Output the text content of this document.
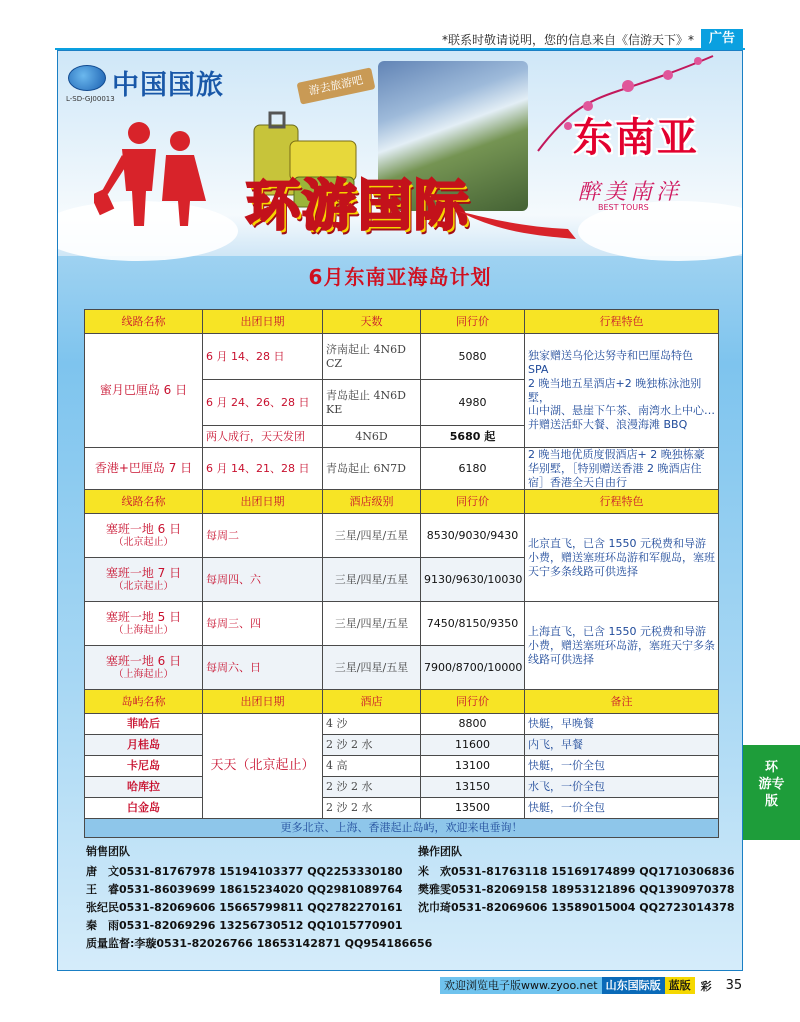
*联系时敬请说明，您的信息来自《信游天下》*	广告
中国国旅
L-SD-GJ00013
游去旅游吧
东南亚
环游国际	醉美南洋
BEST TOURS
6月东南亚海岛计划
线路名称	出团日期	天数	同行价	行程特色
蜜月巴厘岛 6 日	6 月 14、28 日	济南起止 4N6D CZ	5080	独家赠送乌伦达努寺和巴厘岛特色 SPA
2 晚当地五星酒店+2 晚独栋泳池别墅，
山中湖、悬崖下午茶、南湾水上中心…
并赠送活虾大餐、浪漫海滩 BBQ
	6 月 24、26、28 日	青岛起止 4N6D KE	4980	
	两人成行，天天发团	4N6D	5680 起	
香港+巴厘岛 7 日	6 月 14、21、28 日	青岛起止 6N7D	6180	2 晚当地优质度假酒店+ 2 晚独栋豪华别墅，［特别赠送香港 2 晚酒店住宿］香港全天自由行
线路名称	出团日期	酒店级别	同行价	行程特色

塞班一地 6 日
（北京起止）	每周二	三星/四星/五星	8530/9030/9430	北京直飞，已含 1550 元税费和导游小费，赠送塞班环岛游和军舰岛，塞班天宁多条线路可供选择

塞班一地 7 日
（北京起止）	每周四、六	三星/四星/五星	9130/9630/10030	

塞班一地 5 日
（上海起止）	每周三、四	三星/四星/五星	7450/8150/9350	上海直飞，已含 1550 元税费和导游小费，赠送塞班环岛游，塞班天宁多条线路可供选择

塞班一地 6 日
（上海起止）	每周六、日	三星/四星/五星	7900/8700/10000	
岛屿名称	出团日期	酒店	同行价	备注
菲哈后	天天（北京起止）	4 沙	8800	快艇，早晚餐
月桂岛		2 沙 2 水	11600	内飞，早餐
卡尼岛		4 高	13100	快艇，一价全包
哈库拉		2 沙 2 水	13150	水飞，一价全包
白金岛		2 沙 2 水	13500	快艇，一价全包
更多北京、上海、香港起止岛屿，欢迎来电垂询！				
销售团队
唐　文0531-81767978 15194103377 QQ2253330180
王　睿0531-86039699 18615234020 QQ2981089764
张纪民0531-82069606 15665799811 QQ2782270161
秦　雨0531-82069296 13256730512 QQ1015770901
质量监督:李璇0531-82026766 18653142871 QQ954186656
操作团队
米　欢0531-81763118 15169174899 QQ1710306836
樊雅雯0531-82069158 18953121896 QQ1390970378
沈巾琦0531-82069606 13589015004 QQ2723014378
环
游专
版
欢迎浏览电子版www.zyoo.net 山东国际版 蓝版 彩	35
